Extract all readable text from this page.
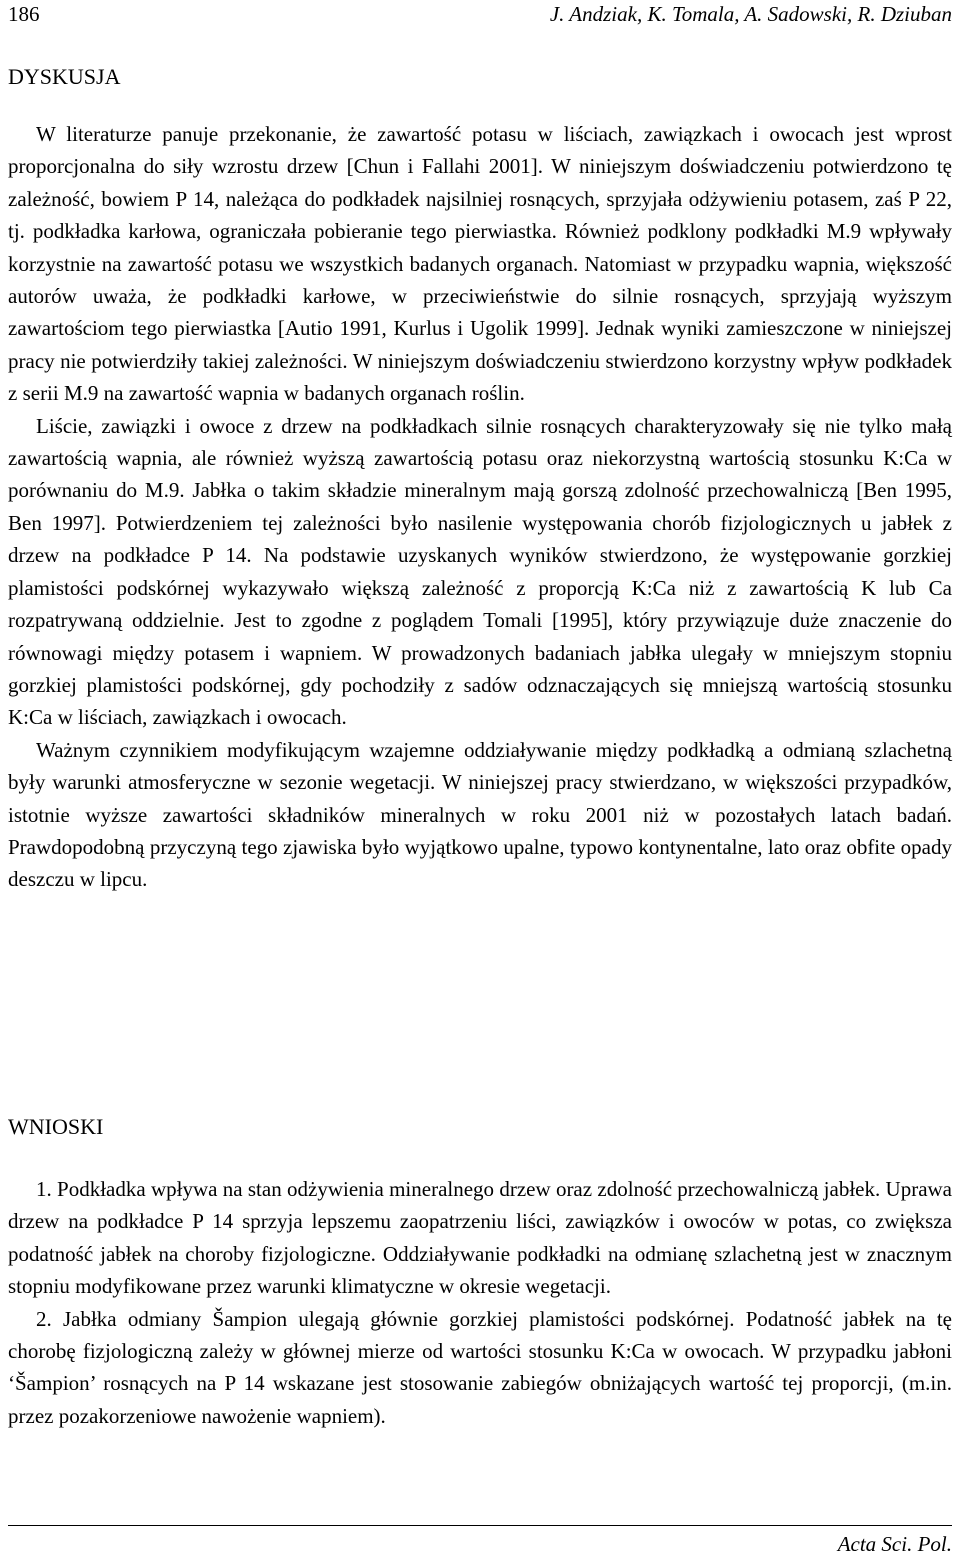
186	J. Andziak, K. Tomala, A. Sadowski, R. Dziuban
DYSKUSJA

W literaturze panuje przekonanie, że zawartość potasu w liściach, zawiązkach i owocach jest wprost proporcjonalna do siły wzrostu drzew [Chun i Fallahi 2001]. W niniejszym doświadczeniu potwierdzono tę zależność, bowiem P 14, należąca do podkładek najsilniej rosnących, sprzyjała odżywieniu potasem, zaś P 22, tj. podkładka karłowa, ograniczała pobieranie tego pierwiastka. Również podklony podkładki M.9 wpływały korzystnie na zawartość potasu we wszystkich badanych organach. Natomiast w przypadku wapnia, większość autorów uważa, że podkładki karłowe, w przeciwieństwie do silnie rosnących, sprzyjają wyższym zawartościom tego pierwiastka [Autio 1991, Kurlus i Ugolik 1999]. Jednak wyniki zamieszczone w niniejszej pracy nie potwierdziły takiej zależności. W niniejszym doświadczeniu stwierdzono korzystny wpływ podkładek z serii M.9 na zawartość wapnia w badanych organach roślin.

Liście, zawiązki i owoce z drzew na podkładkach silnie rosnących charakteryzowały się nie tylko małą zawartością wapnia, ale również wyższą zawartością potasu oraz niekorzystną wartością stosunku K:Ca w porównaniu do M.9. Jabłka o takim składzie mineralnym mają gorszą zdolność przechowalniczą [Ben 1995, Ben 1997]. Potwierdzeniem tej zależności było nasilenie występowania chorób fizjologicznych u jabłek z drzew na podkładce P 14. Na podstawie uzyskanych wyników stwierdzono, że występowanie gorzkiej plamistości podskórnej wykazywało większą zależność z proporcją K:Ca niż z zawartością K lub Ca rozpatrywaną oddzielnie. Jest to zgodne z poglądem Tomali [1995], który przywiązuje duże znaczenie do równowagi między potasem i wapniem. W prowadzonych badaniach jabłka ulegały w mniejszym stopniu gorzkiej plamistości podskórnej, gdy pochodziły z sadów odznaczających się mniejszą wartością stosunku K:Ca w liściach, zawiązkach i owocach.

Ważnym czynnikiem modyfikującym wzajemne oddziaływanie między podkładką a odmianą szlachetną były warunki atmosferyczne w sezonie wegetacji. W niniejszej pracy stwierdzano, w większości przypadków, istotnie wyższe zawartości składników mineralnych w roku 2001 niż w pozostałych latach badań. Prawdopodobną przyczyną tego zjawiska było wyjątkowo upalne, typowo kontynentalne, lato oraz obfite opady deszczu w lipcu.

WNIOSKI

1. Podkładka wpływa na stan odżywienia mineralnego drzew oraz zdolność przechowalniczą jabłek. Uprawa drzew na podkładce P 14 sprzyja lepszemu zaopatrzeniu liści, zawiązków i owoców w potas, co zwiększa podatność jabłek na choroby fizjologiczne. Oddziaływanie podkładki na odmianę szlachetną jest w znacznym stopniu modyfikowane przez warunki klimatyczne w okresie wegetacji.

2. Jabłka odmiany Šampion ulegają głównie gorzkiej plamistości podskórnej. Podatność jabłek na tę chorobę fizjologiczną zależy w głównej mierze od wartości stosunku K:Ca w owocach. W przypadku jabłoni ‘Šampion’ rosnących na P 14 wskazane jest stosowanie zabiegów obniżających wartość tej proporcji, (m.in. przez pozakorzeniowe nawożenie wapniem).

Acta Sci. Pol.
